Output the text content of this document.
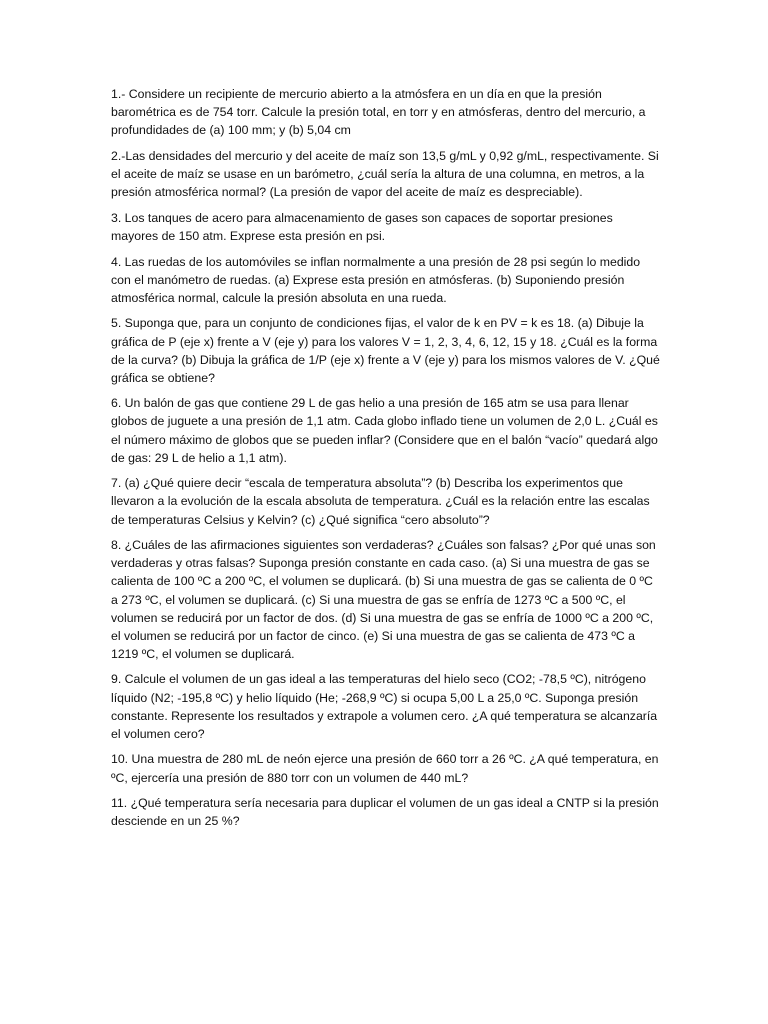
1.- Considere un recipiente de mercurio abierto a la atmósfera en un día en que la presión barométrica es de 754 torr. Calcule la presión total, en torr y en atmósferas, dentro del mercurio, a profundidades de (a) 100 mm; y (b) 5,04 cm

2.-Las densidades del mercurio y del aceite de maíz son 13,5 g/mL y 0,92 g/mL, respectivamente. Si el aceite de maíz se usase en un barómetro, ¿cuál sería la altura de una columna, en metros, a la presión atmosférica normal? (La presión de vapor del aceite de maíz es despreciable).

3. Los tanques de acero para almacenamiento de gases son capaces de soportar presiones mayores de 150 atm. Exprese esta presión en psi.

4. Las ruedas de los automóviles se inflan normalmente a una presión de 28 psi según lo medido con el manómetro de ruedas. (a) Exprese esta presión en atmósferas. (b) Suponiendo presión atmosférica normal, calcule la presión absoluta en una rueda.

5. Suponga que, para un conjunto de condiciones fijas, el valor de k en PV = k es 18. (a) Dibuje la gráfica de P (eje x) frente a V (eje y) para los valores V = 1, 2, 3, 4, 6, 12, 15 y 18. ¿Cuál es la forma de la curva? (b) Dibuja la gráfica de 1/P (eje x) frente a V (eje y) para los mismos valores de V. ¿Qué gráfica se obtiene?

6. Un balón de gas que contiene 29 L de gas helio a una presión de 165 atm se usa para llenar globos de juguete a una presión de 1,1 atm. Cada globo inflado tiene un volumen de 2,0 L. ¿Cuál es el número máximo de globos que se pueden inflar? (Considere que en el balón “vacío” quedará algo de gas: 29 L de helio a 1,1 atm).

7. (a) ¿Qué quiere decir “escala de temperatura absoluta”? (b) Describa los experimentos que llevaron a la evolución de la escala absoluta de temperatura. ¿Cuál es la relación entre las escalas de temperaturas Celsius y Kelvin? (c) ¿Qué significa “cero absoluto”?

8. ¿Cuáles de las afirmaciones siguientes son verdaderas? ¿Cuáles son falsas? ¿Por qué unas son verdaderas y otras falsas? Suponga presión constante en cada caso. (a) Si una muestra de gas se calienta de 100 ºC a 200 ºC, el volumen se duplicará. (b) Si una muestra de gas se calienta de 0 ºC a 273 ºC, el volumen se duplicará. (c) Si una muestra de gas se enfría de 1273 ºC a 500 ºC, el volumen se reducirá por un factor de dos. (d) Si una muestra de gas se enfría de 1000 ºC a 200 ºC, el volumen se reducirá por un factor de cinco. (e) Si una muestra de gas se calienta de 473 ºC a 1219 ºC, el volumen se duplicará.

9. Calcule el volumen de un gas ideal a las temperaturas del hielo seco (CO2; -78,5 ºC), nitrógeno líquido (N2; -195,8 ºC) y helio líquido (He; -268,9 ºC) si ocupa 5,00 L a 25,0 ºC. Suponga presión constante. Represente los resultados y extrapole a volumen cero. ¿A qué temperatura se alcanzaría el volumen cero?

10. Una muestra de 280 mL de neón ejerce una presión de 660 torr a 26 ºC. ¿A qué temperatura, en ºC, ejercería una presión de 880 torr con un volumen de 440 mL?

11. ¿Qué temperatura sería necesaria para duplicar el volumen de un gas ideal a CNTP si la presión desciende en un 25 %?
